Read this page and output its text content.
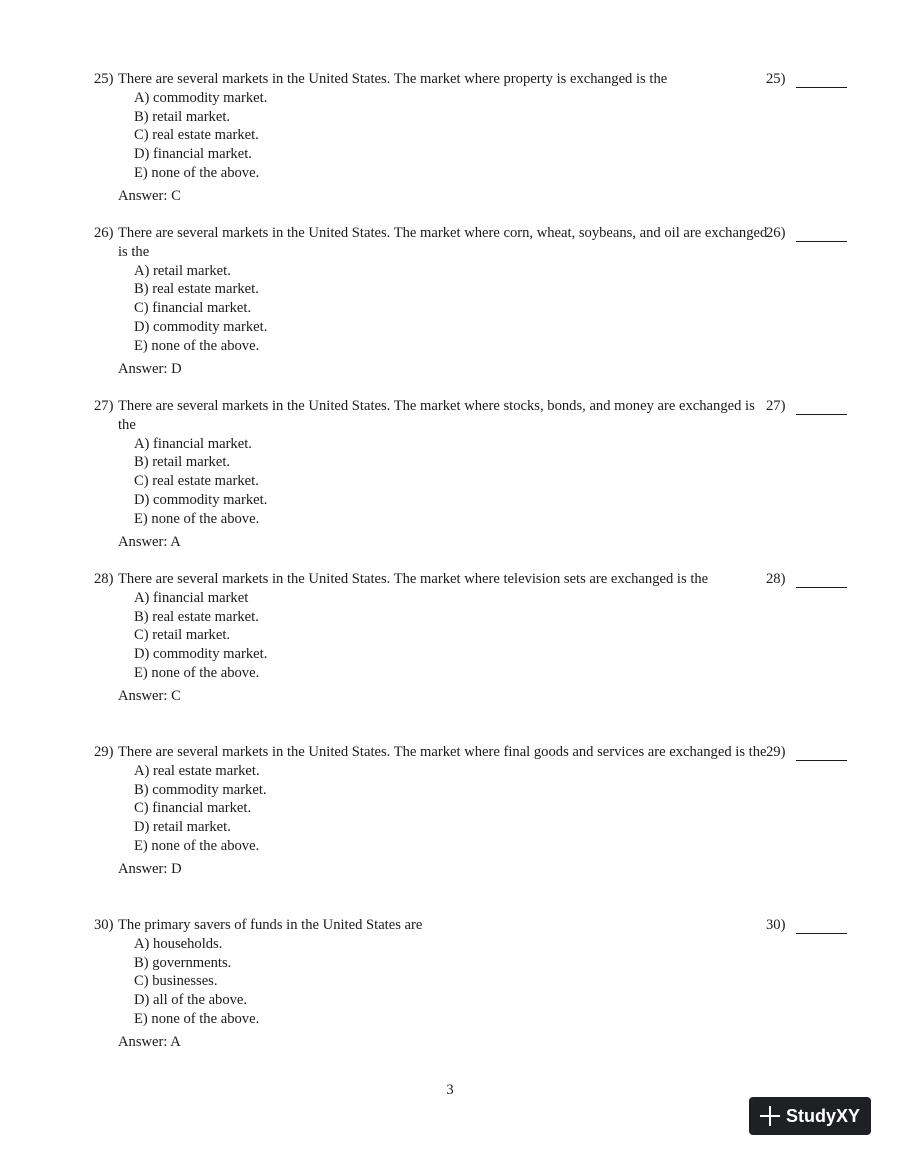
25) There are several markets in the United States. The market where property is exchanged is the
A) commodity market.
B) retail market.
C) real estate market.
D) financial market.
E) none of the above.
Answer: C
25)
26) There are several markets in the United States. The market where corn, wheat, soybeans, and oil are exchanged is the
A) retail market.
B) real estate market.
C) financial market.
D) commodity market.
E) none of the above.
Answer: D
26)
27) There are several markets in the United States. The market where stocks, bonds, and money are exchanged is the
A) financial market.
B) retail market.
C) real estate market.
D) commodity market.
E) none of the above.
Answer: A
27)
28) There are several markets in the United States. The market where television sets are exchanged is the
A) financial market
B) real estate market.
C) retail market.
D) commodity market.
E) none of the above.
Answer: C
28)
29) There are several markets in the United States. The market where final goods and services are exchanged is the
A) real estate market.
B) commodity market.
C) financial market.
D) retail market.
E) none of the above.
Answer: D
29)
30) The primary savers of funds in the United States are
A) households.
B) governments.
C) businesses.
D) all of the above.
E) none of the above.
Answer: A
30)
3
StudyXY
